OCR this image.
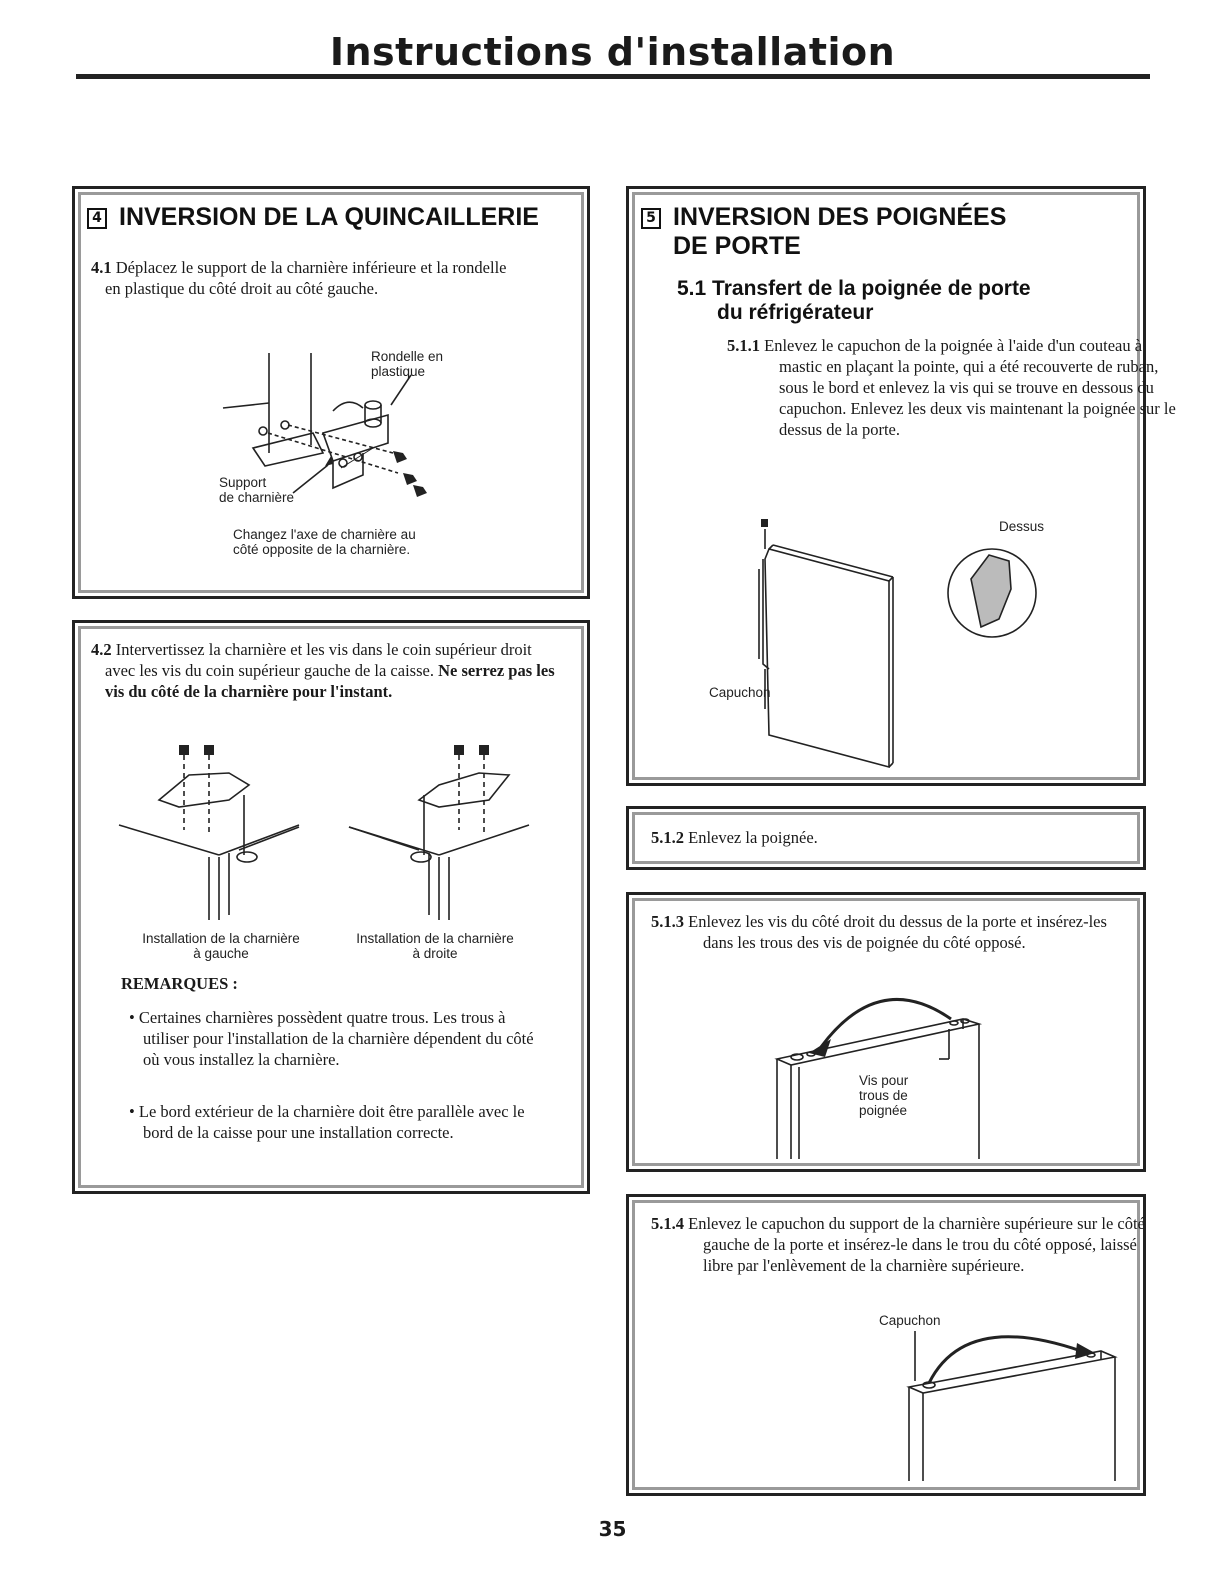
Instructions d'installation
4 INVERSION DE LA QUINCAILLERIE
4.1 Déplacez le support de la charnière inférieure et la rondelle en plastique du côté droit au côté gauche.
Rondelle en
plastique
Support
de charnière
Changez l'axe de charnière au
côté opposite de la charnière.
4.2 Intervertissez la charnière et les vis dans le coin supérieur droit avec les vis du coin supérieur gauche de la caisse. Ne serrez pas les vis du côté de la charnière pour l'instant.
Installation de la charnière
à gauche
Installation de la charnière
à droite
REMARQUES :
• Certaines charnières possèdent quatre trous. Les trous à utiliser pour l'installation de la charnière dépendent du côté où vous installez la charnière.
• Le bord extérieur de la charnière doit être parallèle avec le bord de la caisse pour une installation correcte.
5 INVERSION DES POIGNÉES
DE PORTE
5.1 Transfert de la poignée de porte
du réfrigérateur
5.1.1 Enlevez le capuchon de la poignée à l'aide d'un couteau à mastic en plaçant la pointe, qui a été recouverte de ruban, sous le bord et enlevez la vis qui se trouve en dessous du capuchon. Enlevez les deux vis maintenant la poignée sur le dessus de la porte.
Dessus
Capuchon
5.1.2 Enlevez la poignée.
5.1.3 Enlevez les vis du côté droit du dessus de la porte et insérez-les dans les trous des vis de poignée du côté opposé.
Vis pour
trous de
poignée
5.1.4 Enlevez le capuchon du support de la charnière supérieure sur le côté gauche de la porte et insérez-le dans le trou du côté opposé, laissé libre par l'enlèvement de la charnière supérieure.
Capuchon
35
